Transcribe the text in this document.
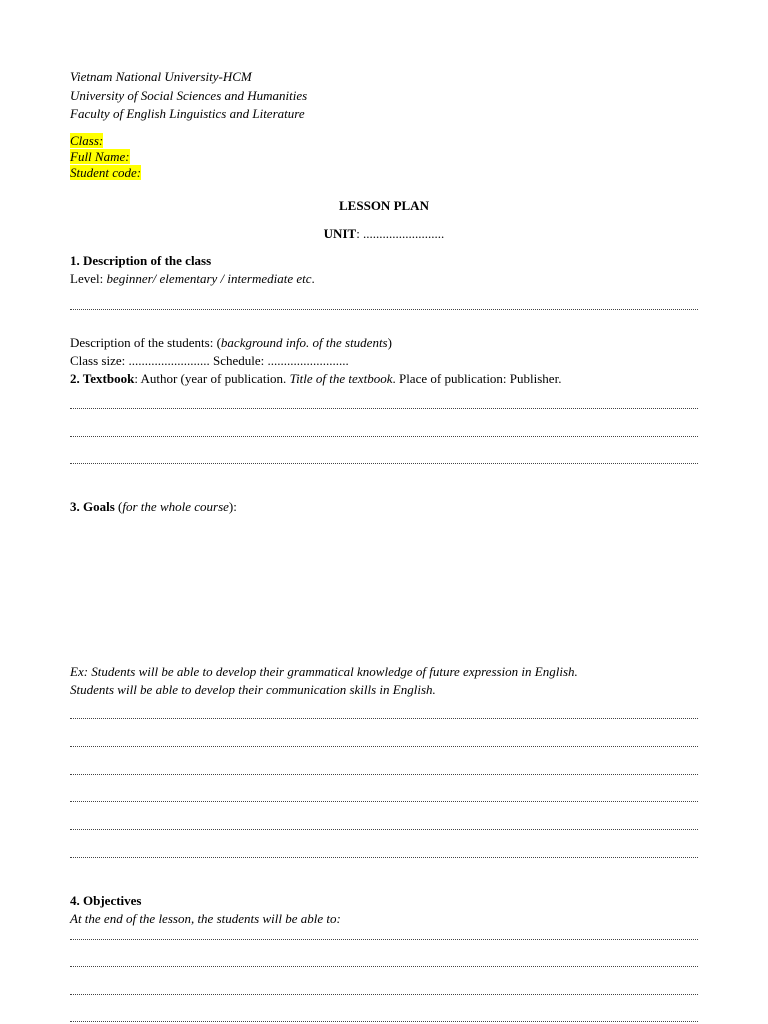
Vietnam National University-HCM
University of Social Sciences and Humanities
Faculty of English Linguistics and Literature
Class:
Full Name:
Student code:
LESSON PLAN
UNIT: .........................
1. Description of the class
Level: beginner/ elementary / intermediate etc.
Description of the students: (background info. of the students)
Class size: ......................... Schedule: .........................
2. Textbook: Author (year of publication. Title of the textbook. Place of publication: Publisher.
3. Goals (for the whole course):
Ex: Students will be able to develop their grammatical knowledge of future expression in English.
Students will be able to develop their communication skills in English.
4. Objectives
At the end of the lesson, the students will be able to:
